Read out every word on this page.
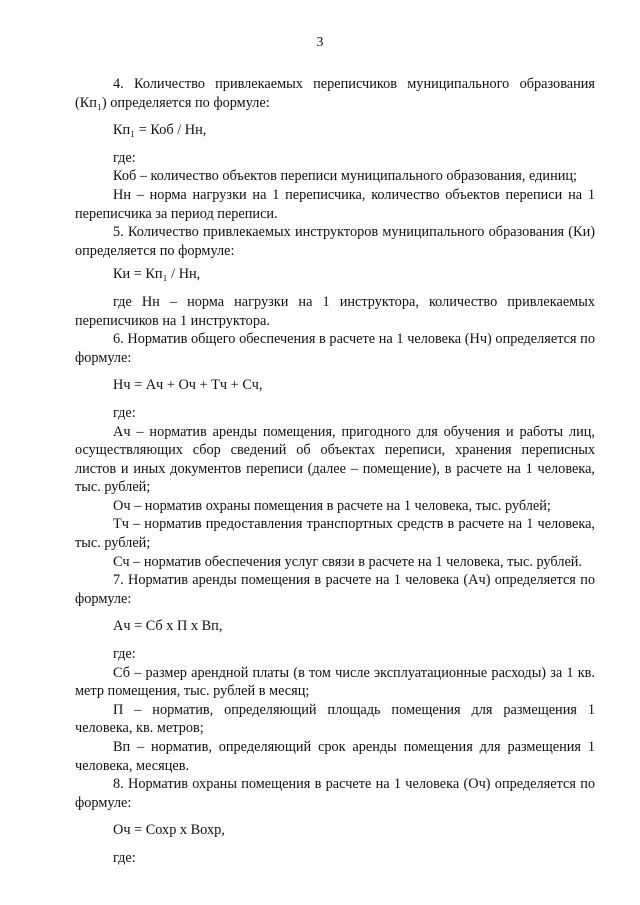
3
4. Количество привлекаемых переписчиков муниципального образования (Кп₁) определяется по формуле:
Кп₁ = Коб / Нн,
где:
Коб – количество объектов переписи муниципального образования, единиц;
Нн – норма нагрузки на 1 переписчика, количество объектов переписи на 1 переписчика за период переписи.
5. Количество привлекаемых инструкторов муниципального образования (Ки) определяется по формуле:
Ки = Кп₁ / Нн,
где Нн – норма нагрузки на 1 инструктора, количество привлекаемых переписчиков на 1 инструктора.
6. Норматив общего обеспечения в расчете на 1 человека (Нч) определяется по формуле:
Нч = Ач + Оч + Тч + Сч,
где:
Ач – норматив аренды помещения, пригодного для обучения и работы лиц, осуществляющих сбор сведений об объектах переписи, хранения переписных листов и иных документов переписи (далее – помещение), в расчете на 1 человека, тыс. рублей;
Оч – норматив охраны помещения в расчете на 1 человека, тыс. рублей;
Тч – норматив предоставления транспортных средств в расчете на 1 человека, тыс. рублей;
Сч – норматив обеспечения услуг связи в расчете на 1 человека, тыс. рублей.
7. Норматив аренды помещения в расчете на 1 человека (Ач) определяется по формуле:
Ач = Сб х П х Вп,
где:
Сб – размер арендной платы (в том числе эксплуатационные расходы) за 1 кв. метр помещения, тыс. рублей в месяц;
П – норматив, определяющий площадь помещения для размещения 1 человека, кв. метров;
Вп – норматив, определяющий срок аренды помещения для размещения 1 человека, месяцев.
8. Норматив охраны помещения в расчете на 1 человека (Оч) определяется по формуле:
Оч = Сохр х Вохр,
где:
